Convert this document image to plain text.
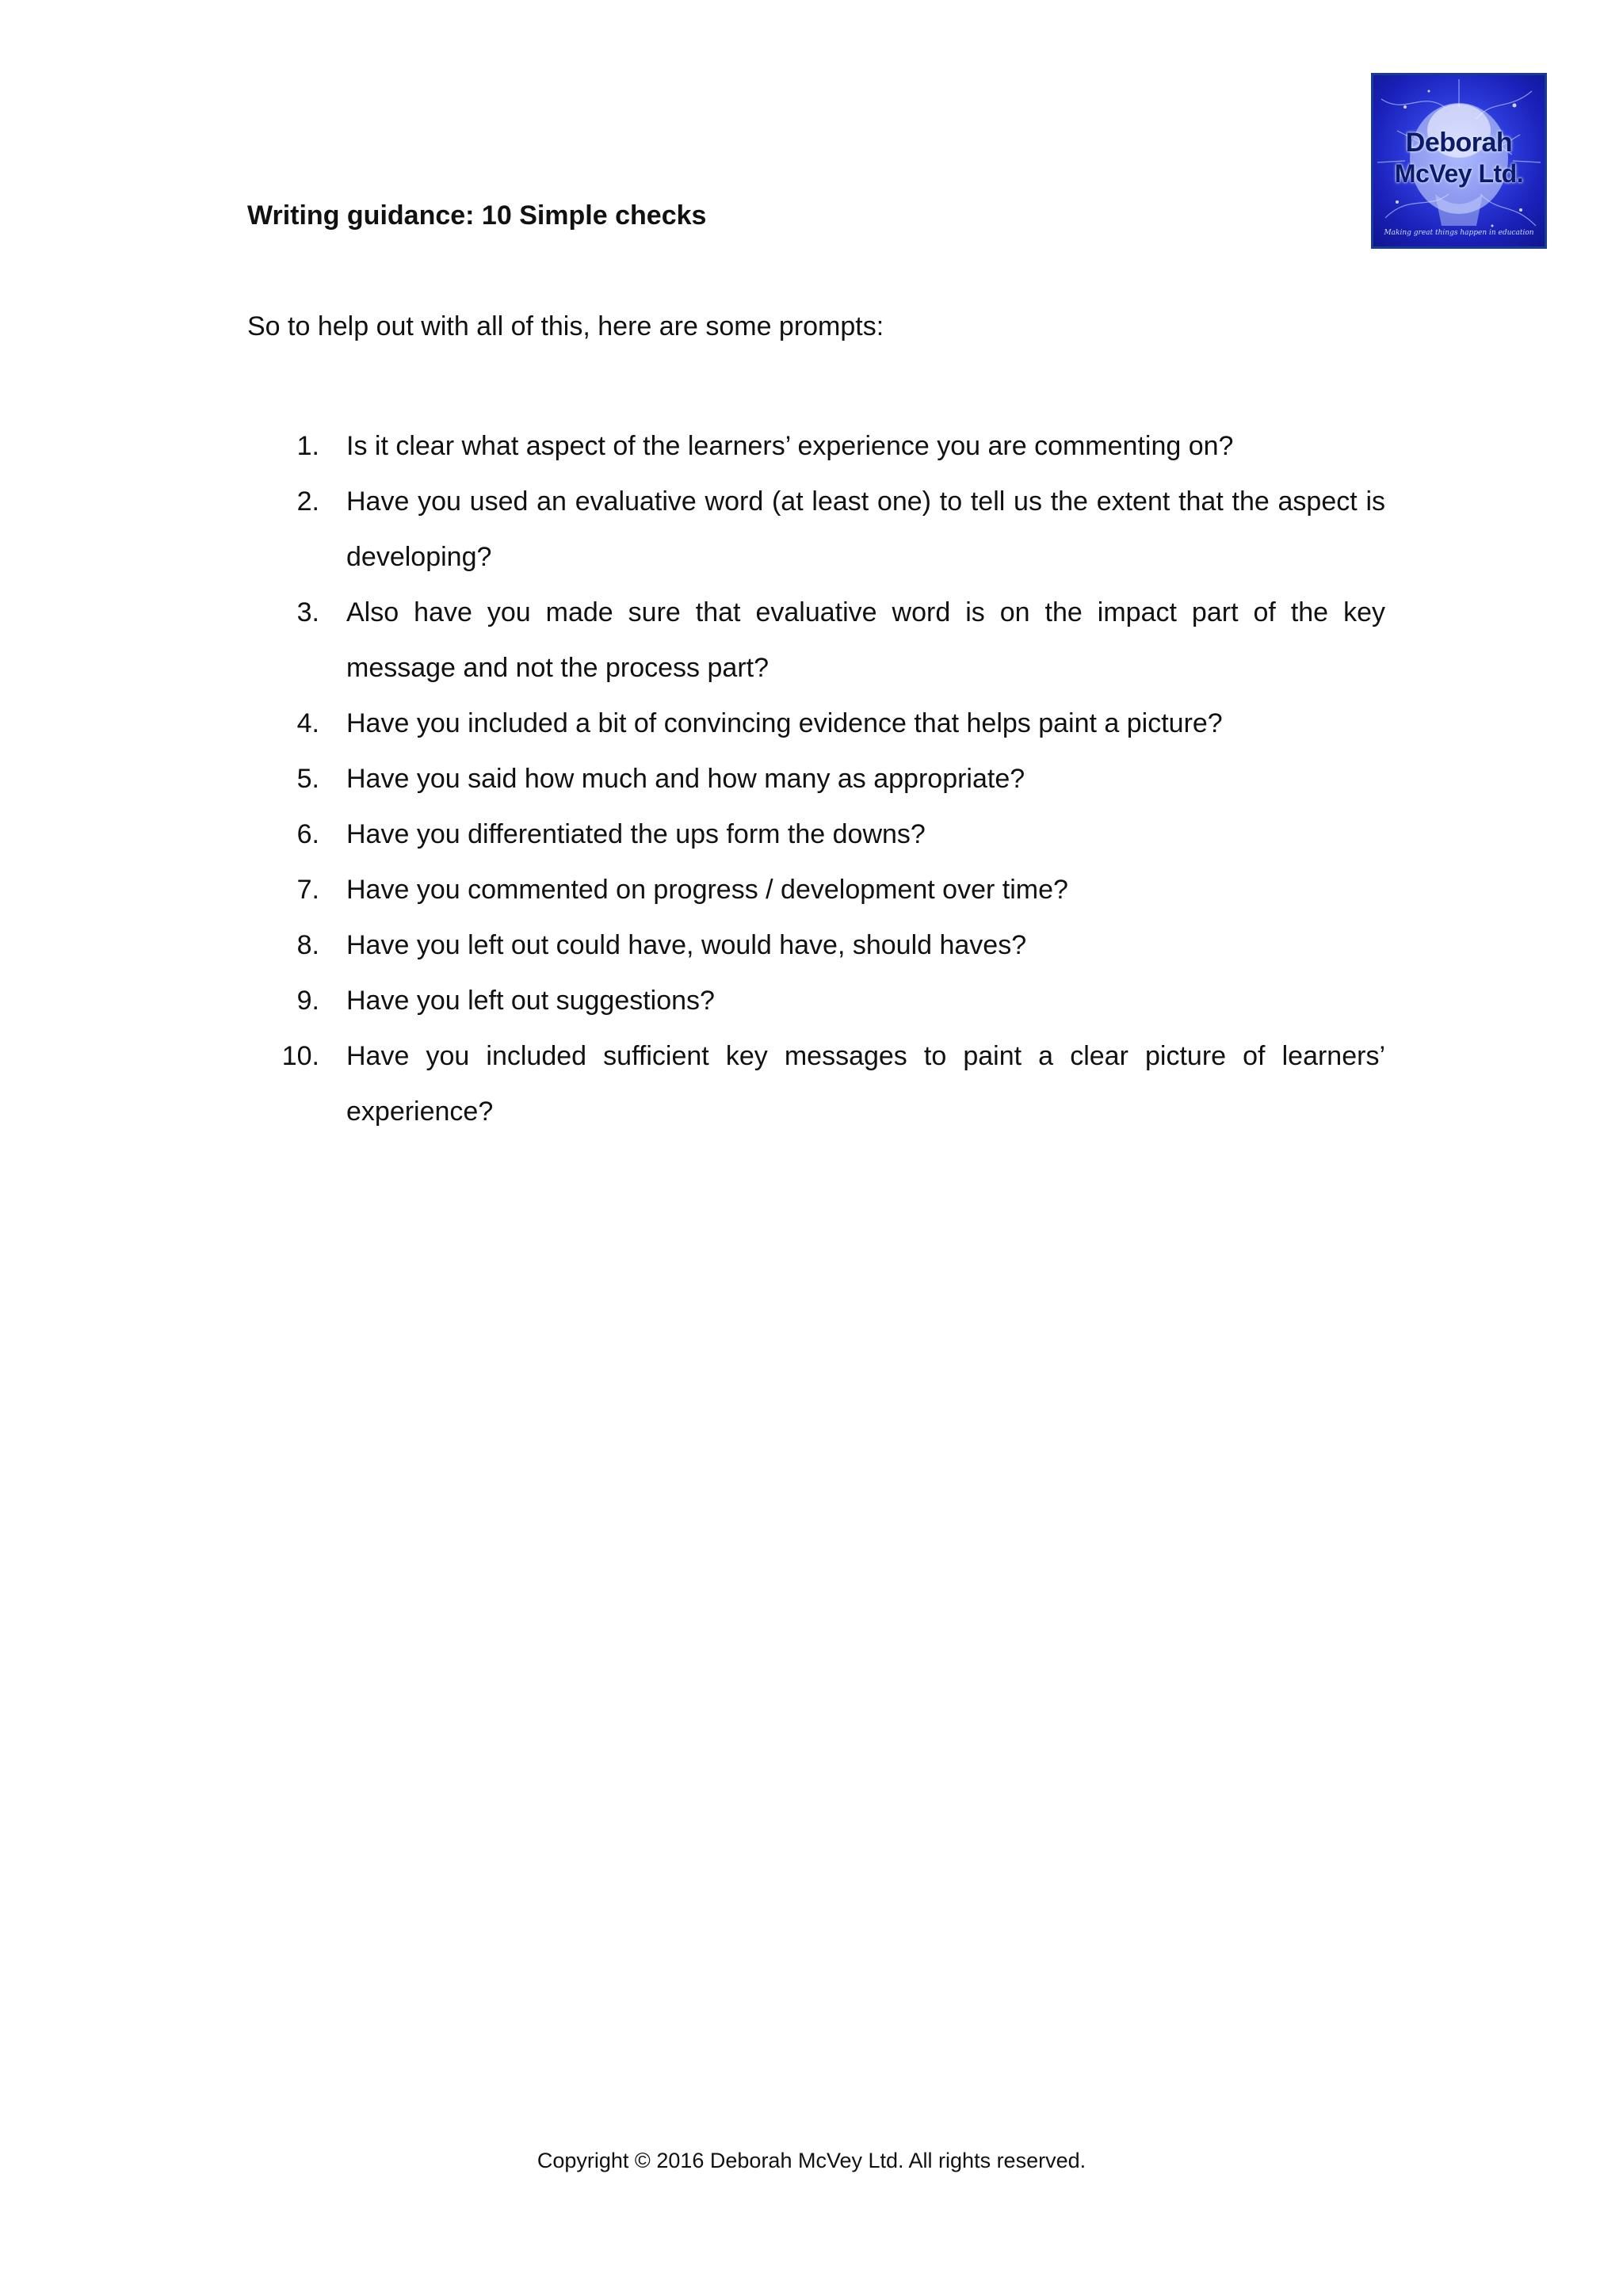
Deborah
McVey Ltd.
Making great things happen in education
Writing guidance: 10 Simple checks
So to help out with all of this, here are some prompts:
1.	Is it clear what aspect of the learners’ experience you are commenting on?
2.	Have you used an evaluative word (at least one) to tell us the extent that the aspect is developing?
3.	Also have you made sure that evaluative word is on the impact part of the key message and not the process part?
4.	Have you included a bit of convincing evidence that helps paint a picture?
5.	Have you said how much and how many as appropriate?
6.	Have you differentiated the ups form the downs?
7.	Have you commented on progress / development over time?
8.	Have you left out could have, would have, should haves?
9.	Have you left out suggestions?
10.	Have you included sufficient key messages to paint a clear picture of learners’ experience?
Copyright © 2016 Deborah McVey Ltd. All rights reserved.
